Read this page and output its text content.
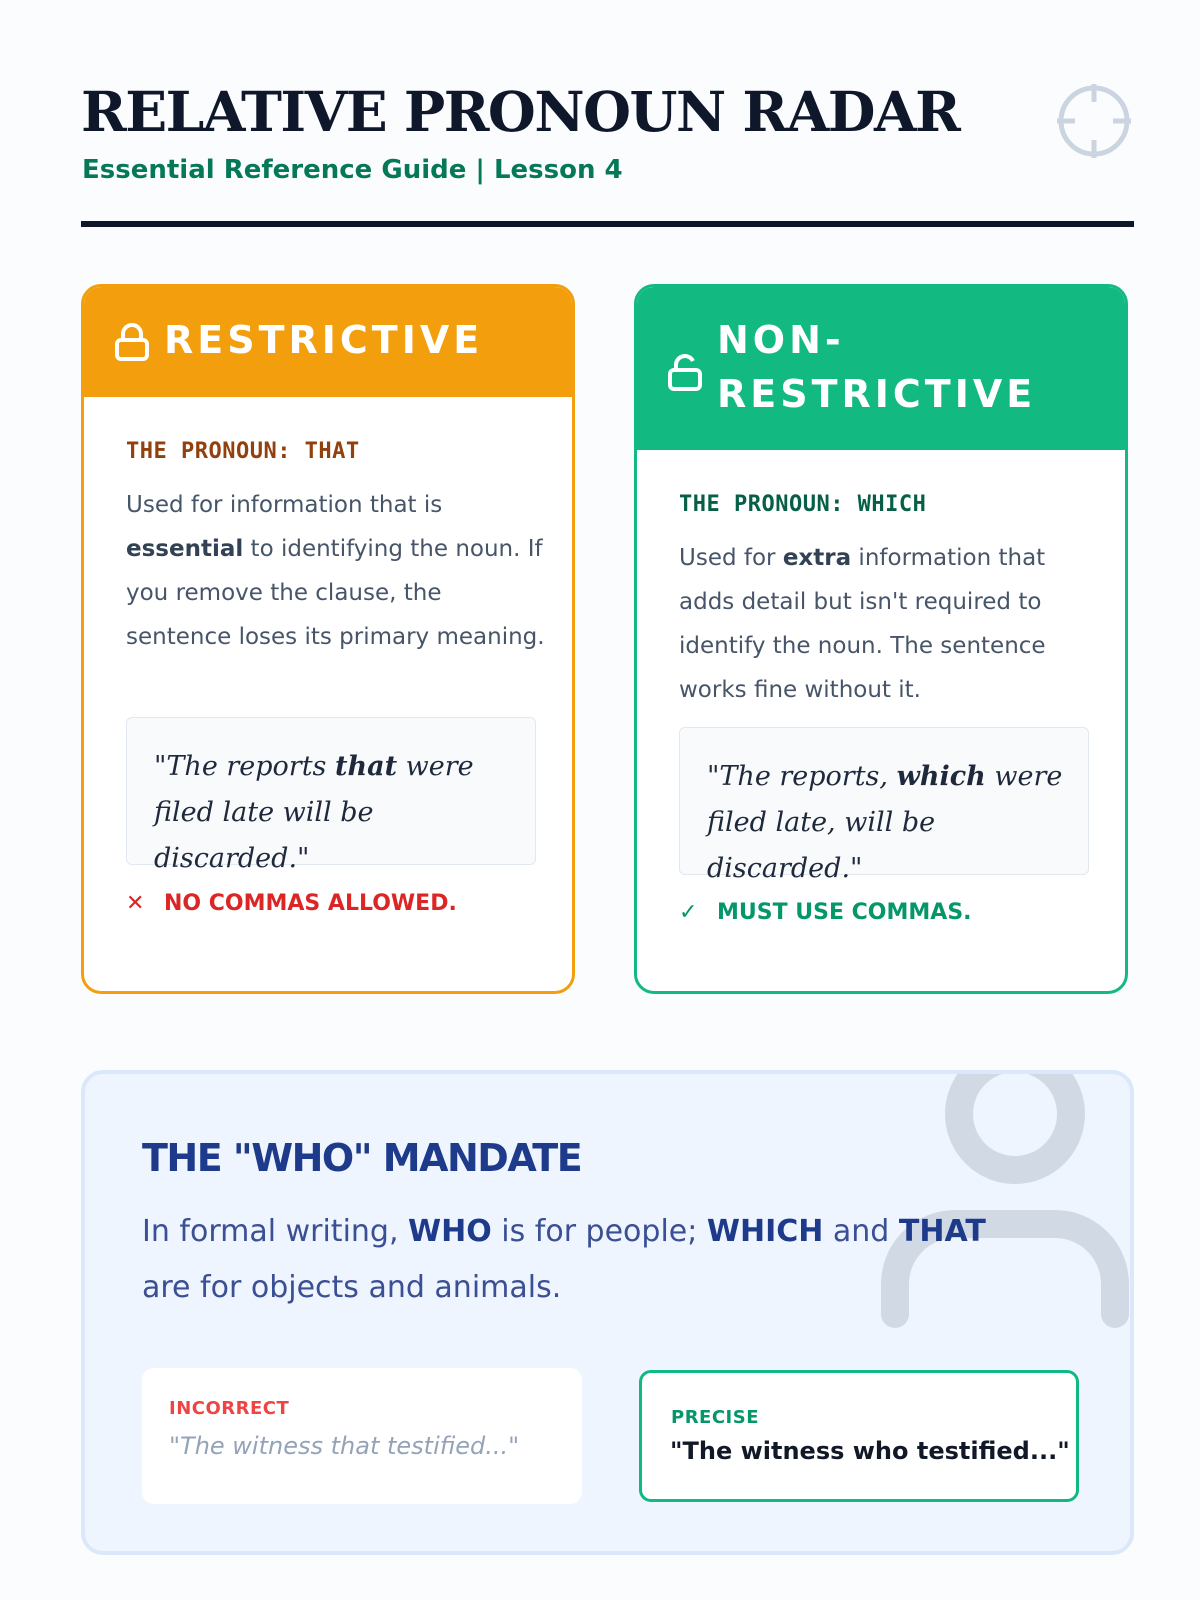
RELATIVE PRONOUN RADAR
Essential Reference Guide | Lesson 4
RESTRICTIVE
THE PRONOUN: THAT

Used for information that is essential to identifying the noun. If you remove the clause, the sentence loses its primary meaning.

"The reports that were filed late will be discarded."
✕ NO COMMAS ALLOWED.
NON-RESTRICTIVE
THE PRONOUN: WHICH

Used for extra information that adds detail but isn't required to identify the noun. The sentence works fine without it.

"The reports, which were filed late, will be discarded."
✓ MUST USE COMMAS.
THE "WHO" MANDATE

In formal writing, WHO is for people; WHICH and THAT are for objects and animals.

INCORRECT
"The witness that testified..."
PRECISE
"The witness who testified..."
